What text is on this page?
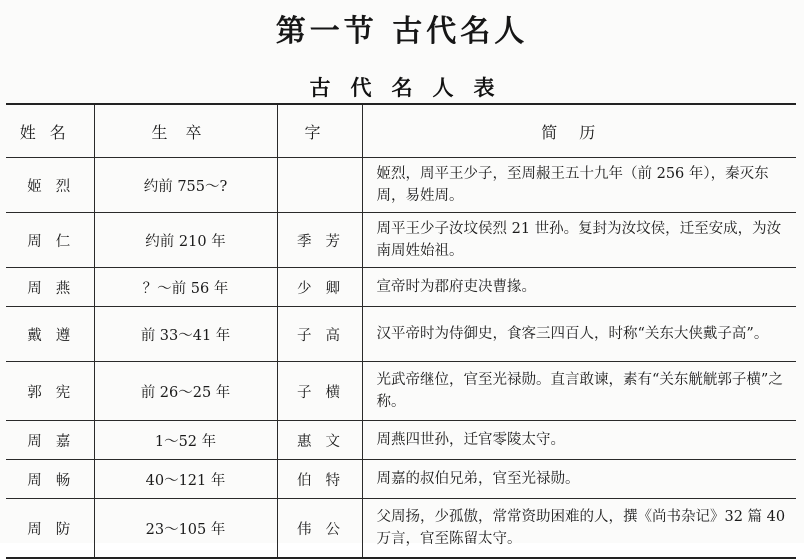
第一节 古代名人
古代名人表
姓名	生卒	字	简历
姬烈	约前 755～?		姬烈，周平王少子，至周赧王五十九年（前 256 年），秦灭东周，易姓周。
周仁	约前 210 年	季芳	周平王少子汝坟侯烈 21 世孙。复封为汝坟侯，迁至安成，为汝南周姓始祖。
周燕	？～前 56 年	少卿	宣帝时为郡府吏决曹掾。
戴遵	前 33～41 年	子高	汉平帝时为侍御史，食客三四百人，时称“关东大侠戴子高”。
郭宪	前 26～25 年	子横	光武帝继位，官至光禄勋。直言敢谏，素有“关东觥觥郭子横”之称。
周嘉	1～52 年	惠文	周燕四世孙，迁官零陵太守。
周畅	40～121 年	伯特	周嘉的叔伯兄弟，官至光禄勋。
周防	23～105 年	伟公	父周扬，少孤傲，常常资助困难的人，撰《尚书杂记》32 篇 40 万言，官至陈留太守。
